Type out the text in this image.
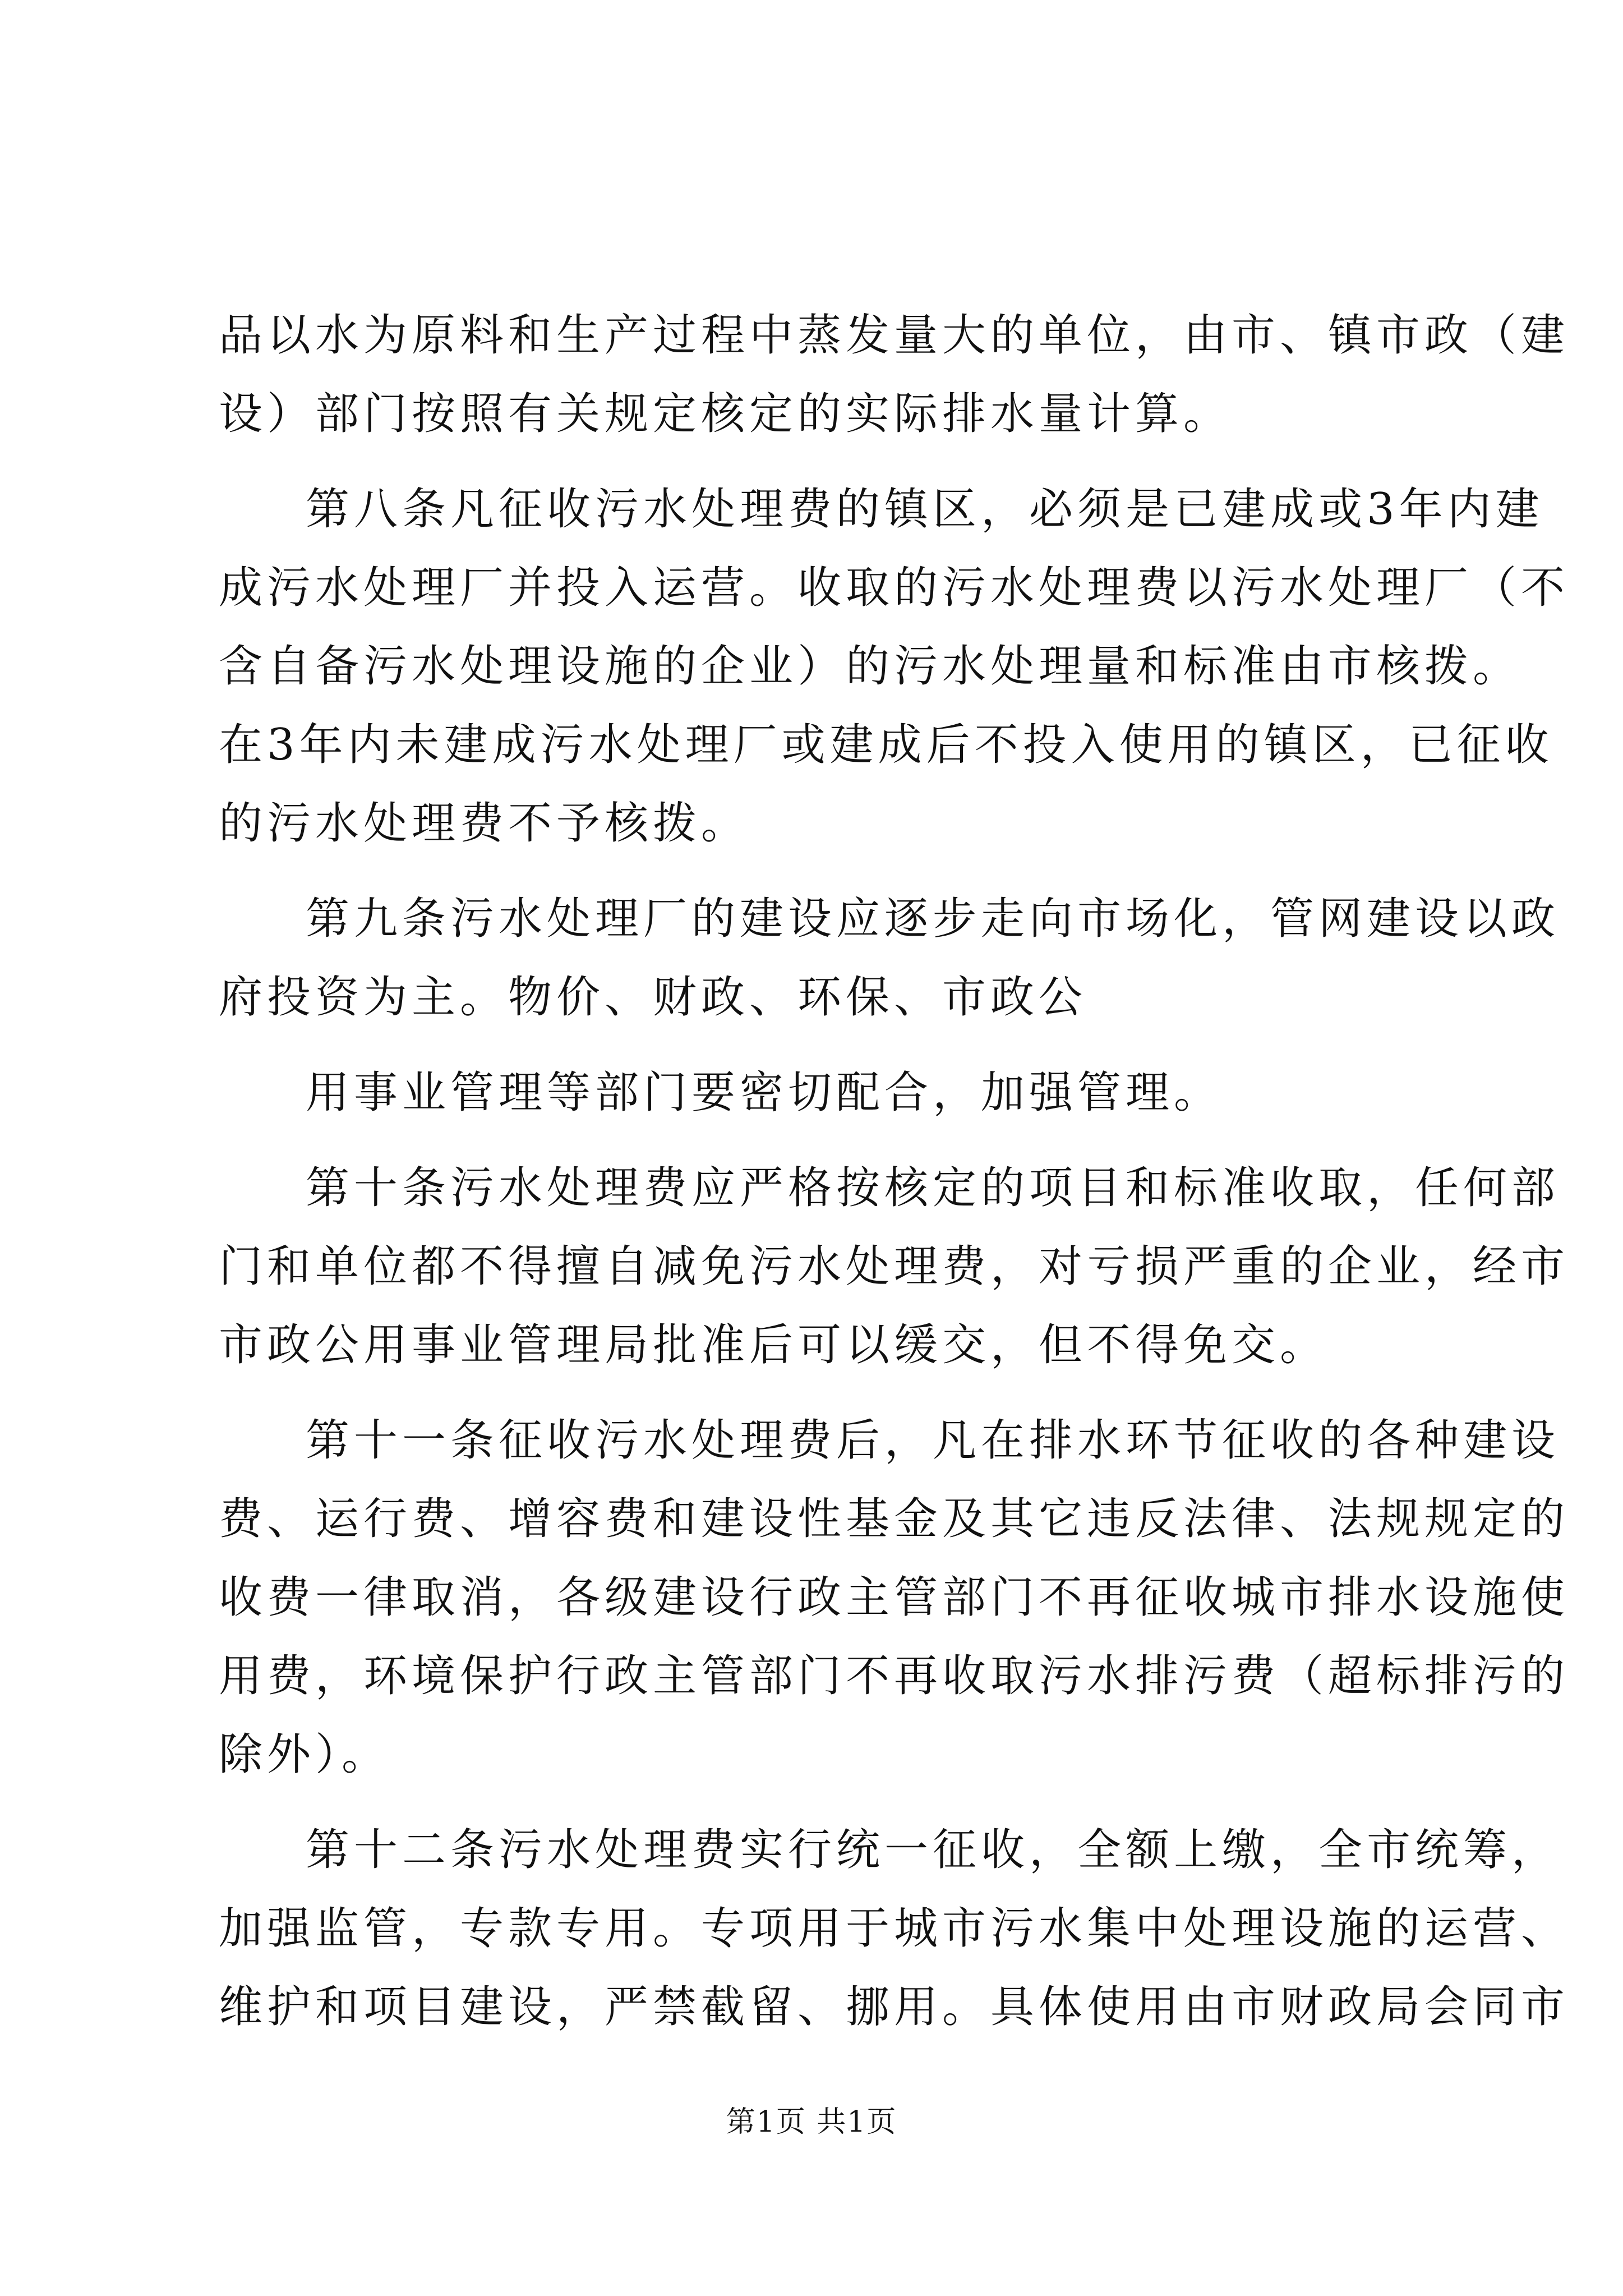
品以水为原料和生产过程中蒸发量大的单位，由市、镇市政（建
设）部门按照有关规定核定的实际排水量计算。
第八条凡征收污水处理费的镇区，必须是已建成或3年内建
成污水处理厂并投入运营。收取的污水处理费以污水处理厂（不
含自备污水处理设施的企业）的污水处理量和标准由市核拨。
在3年内未建成污水处理厂或建成后不投入使用的镇区，已征收
的污水处理费不予核拨。
第九条污水处理厂的建设应逐步走向市场化，管网建设以政
府投资为主。物价、财政、环保、市政公
用事业管理等部门要密切配合，加强管理。
第十条污水处理费应严格按核定的项目和标准收取，任何部
门和单位都不得擅自减免污水处理费，对亏损严重的企业，经市
市政公用事业管理局批准后可以缓交，但不得免交。
第十一条征收污水处理费后，凡在排水环节征收的各种建设
费、运行费、增容费和建设性基金及其它违反法律、法规规定的
收费一律取消，各级建设行政主管部门不再征收城市排水设施使
用费，环境保护行政主管部门不再收取污水排污费（超标排污的
除外）。
第十二条污水处理费实行统一征收，全额上缴，全市统筹，
加强监管，专款专用。专项用于城市污水集中处理设施的运营、
维护和项目建设，严禁截留、挪用。具体使用由市财政局会同市
第1页 共1页
